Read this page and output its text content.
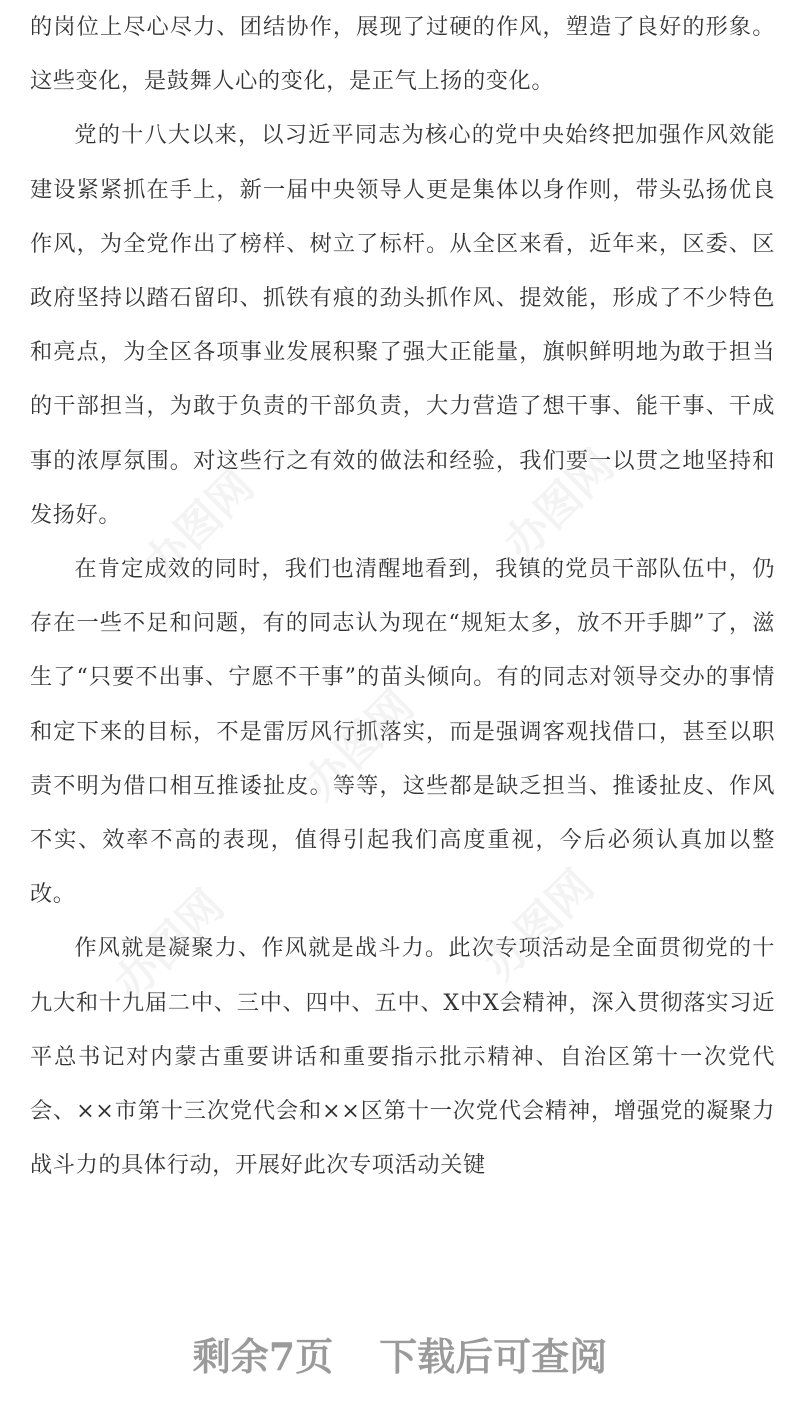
的岗位上尽心尽力、团结协作，展现了过硬的作风，塑造了良好的形象。这些变化，是鼓舞人心的变化，是正气上扬的变化。

党的十八大以来，以习近平同志为核心的党中央始终把加强作风效能建设紧紧抓在手上，新一届中央领导人更是集体以身作则，带头弘扬优良作风，为全党作出了榜样、树立了标杆。从全区来看，近年来，区委、区政府坚持以踏石留印、抓铁有痕的劲头抓作风、提效能，形成了不少特色和亮点，为全区各项事业发展积聚了强大正能量，旗帜鲜明地为敢于担当的干部担当，为敢于负责的干部负责，大力营造了想干事、能干事、干成事的浓厚氛围。对这些行之有效的做法和经验，我们要一以贯之地坚持和发扬好。

在肯定成效的同时，我们也清醒地看到，我镇的党员干部队伍中，仍存在一些不足和问题，有的同志认为现在“规矩太多，放不开手脚”了，滋生了“只要不出事、宁愿不干事”的苗头倾向。有的同志对领导交办的事情和定下来的目标，不是雷厉风行抓落实，而是强调客观找借口，甚至以职责不明为借口相互推诿扯皮。等等，这些都是缺乏担当、推诿扯皮、作风不实、效率不高的表现，值得引起我们高度重视，今后必须认真加以整改。

作风就是凝聚力、作风就是战斗力。此次专项活动是全面贯彻党的十九大和十九届二中、三中、四中、五中、X中X会精神，深入贯彻落实习近平总书记对内蒙古重要讲话和重要指示批示精神、自治区第十一次党代会、××市第十三次党代会和××区第十一次党代会精神，增强党的凝聚力战斗力的具体行动，开展好此次专项活动关键

办图网	办图网
办图网
办图网	办图网
剩余7页 下载后可查阅
